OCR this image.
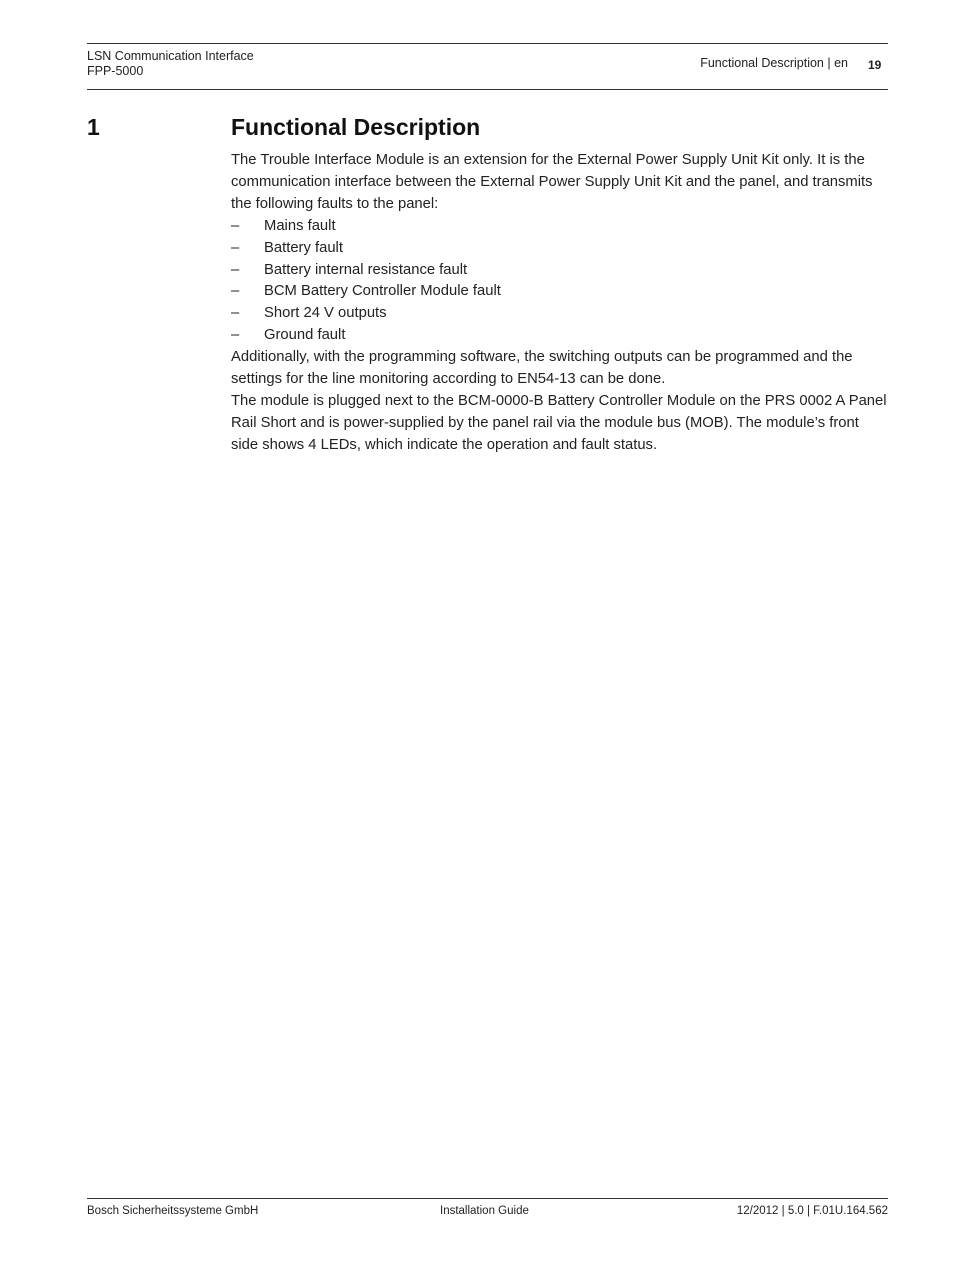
LSN Communication Interface
FPP-5000
Functional Description | en 19
1	Functional Description

The Trouble Interface Module is an extension for the External Power Supply Unit Kit only. It is the communication interface between the External Power Supply Unit Kit and the panel, and transmits the following faults to the panel:

– Mains fault
– Battery fault
– Battery internal resistance fault
– BCM Battery Controller Module fault
– Short 24 V outputs
– Ground fault

Additionally, with the programming software, the switching outputs can be programmed and the settings for the line monitoring according to EN54-13 can be done.

The module is plugged next to the BCM-0000-B Battery Controller Module on the PRS 0002 A Panel Rail Short and is power-supplied by the panel rail via the module bus (MOB). The module’s front side shows 4 LEDs, which indicate the operation and fault status.

Bosch Sicherheitssysteme GmbH	Installation Guide	12/2012 | 5.0 | F.01U.164.562
